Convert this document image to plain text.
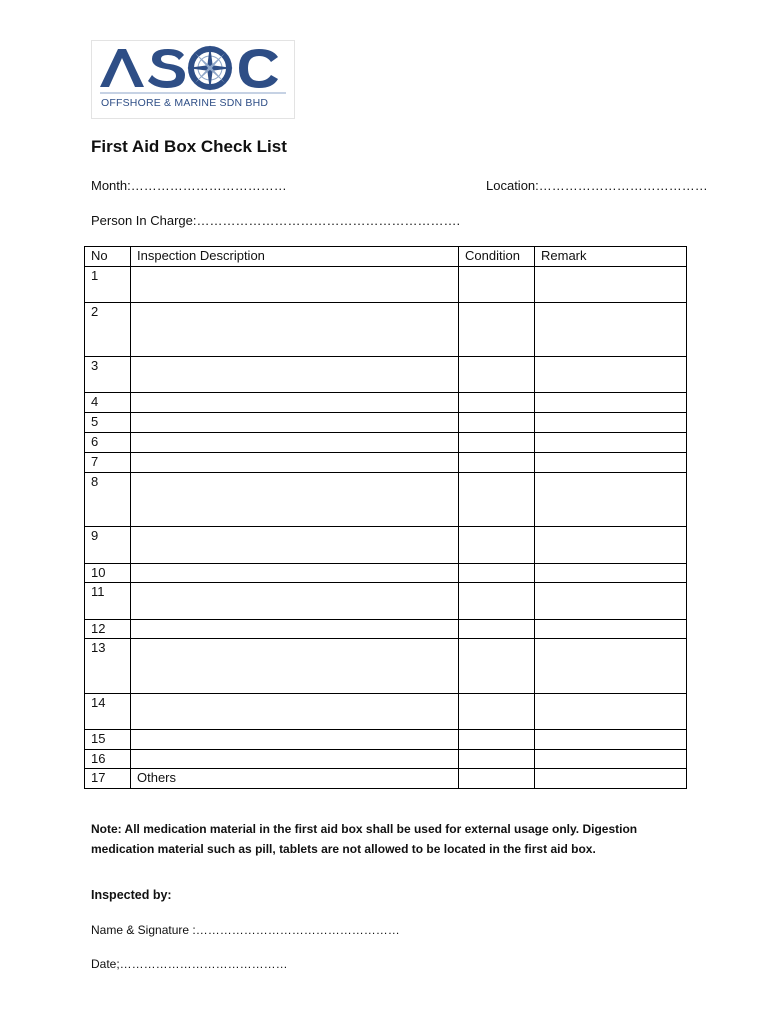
OFFSHORE & MARINE SDN BHD
First Aid Box Check List
Month:………………………………	Location:…………………………………
Person In Charge:…………………………………………………….
No	Inspection Description	Condition	Remark
1			
2			
3			
4			
5			
6			
7			
8			
9			
10			
11			
12			
13			
14			
15			
16			
17	Others		
Note: All medication material in the first aid box shall be used for external usage only. Digestion medication material such as pill, tablets are not allowed to be located in the first aid box.
Inspected by:
Name & Signature :……………………………………………
Date;……………………………………
